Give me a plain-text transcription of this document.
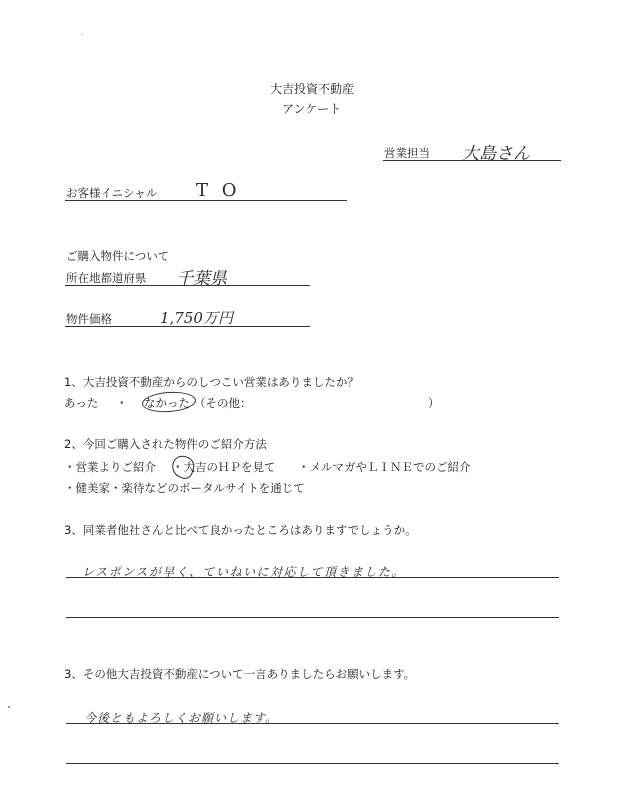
大吉投資不動産
アンケート
営業担当 大島さん
お客様イニシャル T O
ご購入物件について
所在地都道府県 千葉県
物件価格	1,750万円
1、大吉投資不動産からのしつこい営業はありましたか？
あった ・ なかった （その他：	）
2、今回ご購入された物件のご紹介方法
・営業よりご紹介 ・大吉のＨＰを見て ・メルマガやＬＩＮＥでのご紹介
・健美家・楽待などのポータルサイトを通じて
3、同業者他社さんと比べて良かったところはありますでしょうか。
レスポンスが早く、ていねいに対応して頂きました。
3、その他大吉投資不動産について一言ありましたらお願いします。
今後ともよろしくお願いします。
